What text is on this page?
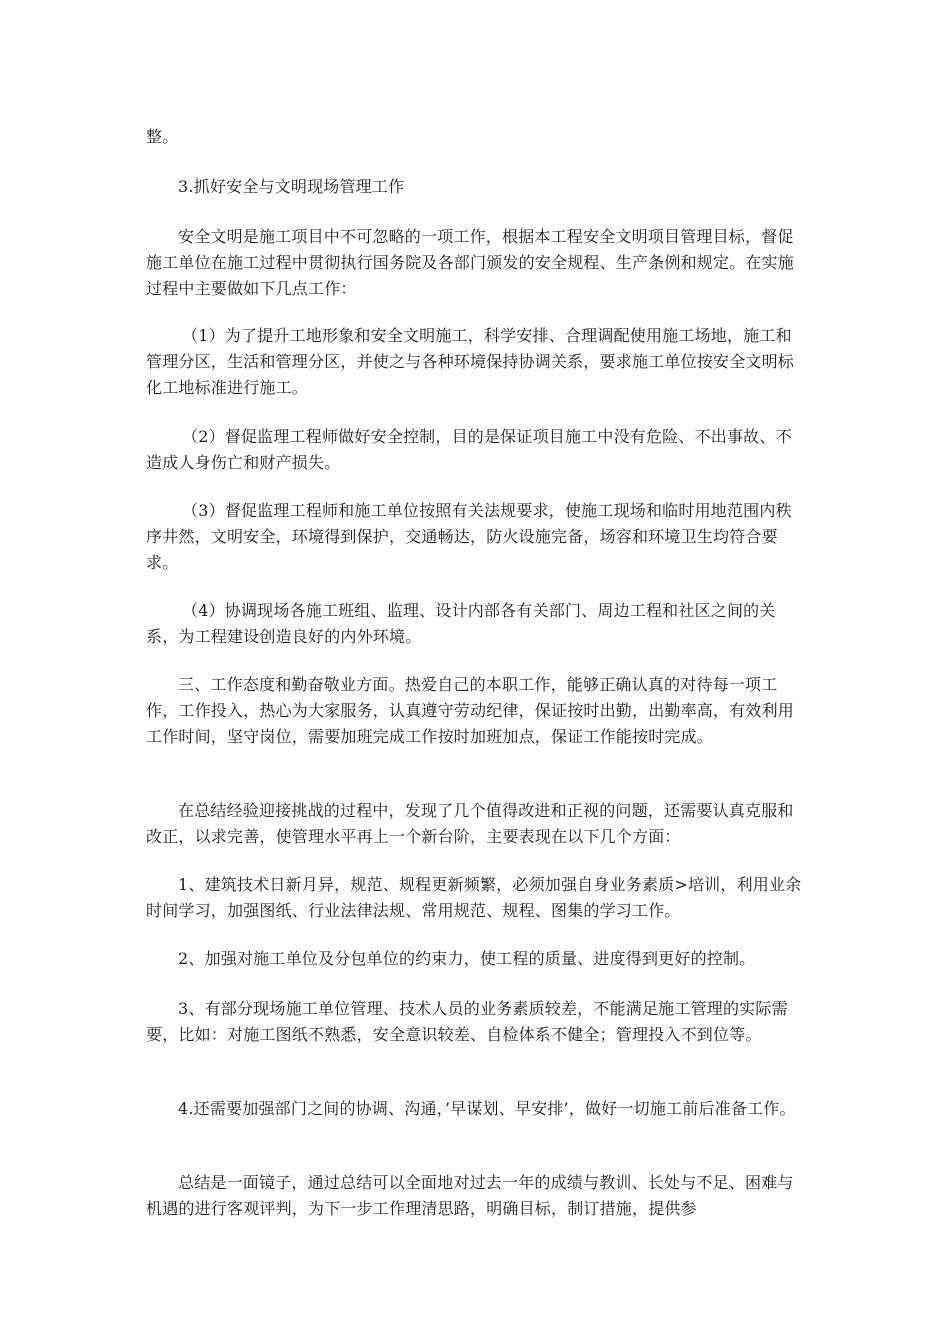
整。

3.抓好安全与文明现场管理工作

安全文明是施工项目中不可忽略的一项工作，根据本工程安全文明项目管理目标，督促施工单位在施工过程中贯彻执行国务院及各部门颁发的安全规程、生产条例和规定。在实施过程中主要做如下几点工作：

（1）为了提升工地形象和安全文明施工，科学安排、合理调配使用施工场地，施工和管理分区，生活和管理分区，并使之与各种环境保持协调关系，要求施工单位按安全文明标化工地标准进行施工。

（2）督促监理工程师做好安全控制，目的是保证项目施工中没有危险、不出事故、不造成人身伤亡和财产损失。

（3）督促监理工程师和施工单位按照有关法规要求，使施工现场和临时用地范围内秩序井然，文明安全，环境得到保护，交通畅达，防火设施完备，场容和环境卫生均符合要求。

（4）协调现场各施工班组、监理、设计内部各有关部门、周边工程和社区之间的关系，为工程建设创造良好的内外环境。

三、工作态度和勤奋敬业方面。热爱自己的本职工作，能够正确认真的对待每一项工作，工作投入，热心为大家服务，认真遵守劳动纪律，保证按时出勤，出勤率高，有效利用工作时间，坚守岗位，需要加班完成工作按时加班加点，保证工作能按时完成。

在总结经验迎接挑战的过程中，发现了几个值得改进和正视的问题，还需要认真克服和改正，以求完善，使管理水平再上一个新台阶，主要表现在以下几个方面：

1、建筑技术日新月异，规范、规程更新频繁，必须加强自身业务素质>培训，利用业余时间学习，加强图纸、行业法律法规、常用规范、规程、图集的学习工作。

2、加强对施工单位及分包单位的约束力，使工程的质量、进度得到更好的控制。

3、有部分现场施工单位管理、技术人员的业务素质较差，不能满足施工管理的实际需要，比如：对施工图纸不熟悉，安全意识较差、自检体系不健全；管理投入不到位等。

4.还需要加强部门之间的协调、沟通，’早谋划、早安排’，做好一切施工前后准备工作。

总结是一面镜子，通过总结可以全面地对过去一年的成绩与教训、长处与不足、困难与机遇的进行客观评判，为下一步工作理清思路，明确目标，制订措施，提供参
